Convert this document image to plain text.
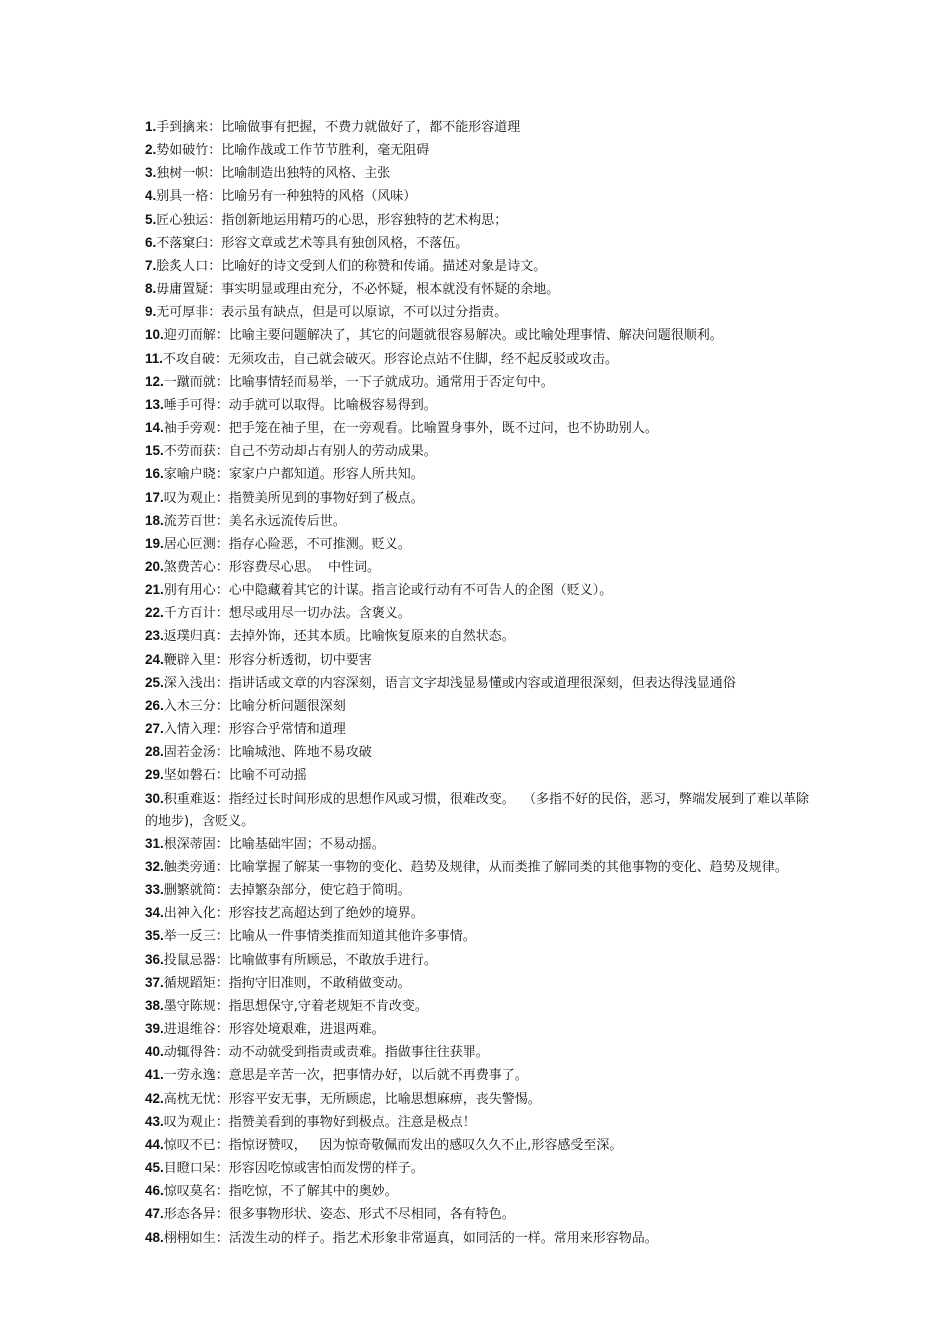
1.手到擒来：比喻做事有把握，不费力就做好了，都不能形容道理
2.势如破竹：比喻作战或工作节节胜利，毫无阻碍
3.独树一帜：比喻制造出独特的风格、主张
4.别具一格：比喻另有一种独特的风格（风味）
5.匠心独运：指创新地运用精巧的心思，形容独特的艺术构思；
6.不落窠臼：形容文章或艺术等具有独创风格，不落伍。
7.脍炙人口：比喻好的诗文受到人们的称赞和传诵。描述对象是诗文。
8.毋庸置疑：事实明显或理由充分，不必怀疑，根本就没有怀疑的余地。
9.无可厚非：表示虽有缺点，但是可以原谅，不可以过分指责。
10.迎刃而解：比喻主要问题解决了，其它的问题就很容易解决。或比喻处理事情、解决问题很顺利。
11.不攻自破：无须攻击，自己就会破灭。形容论点站不住脚，经不起反驳或攻击。
12.一蹴而就：比喻事情轻而易举，一下子就成功。通常用于否定句中。
13.唾手可得：动手就可以取得。比喻极容易得到。
14.袖手旁观：把手笼在袖子里，在一旁观看。比喻置身事外，既不过问，也不协助别人。
15.不劳而获：自己不劳动却占有别人的劳动成果。
16.家喻户晓：家家户户都知道。形容人所共知。
17.叹为观止：指赞美所见到的事物好到了极点。
18.流芳百世：美名永远流传后世。
19.居心叵测：指存心险恶，不可推测。贬义。
20.煞费苦心：形容费尽心思。  中性词。
21.别有用心：心中隐藏着其它的计谋。指言论或行动有不可告人的企图（贬义）。
22.千方百计：想尽或用尽一切办法。含褒义。
23.返璞归真：去掉外饰，还其本质。比喻恢复原来的自然状态。
24.鞭辟入里：形容分析透彻，切中要害
25.深入浅出：指讲话或文章的内容深刻，语言文字却浅显易懂或内容或道理很深刻，但表达得浅显通俗
26.入木三分：比喻分析问题很深刻
27.入情入理：形容合乎常情和道理
28.固若金汤：比喻城池、阵地不易攻破
29.坚如磐石：比喻不可动摇
30.积重难返：指经过长时间形成的思想作风或习惯，很难改变。  （多指不好的民俗，恶习，弊端发展到了难以革除的地步)，含贬义。
31.根深蒂固：比喻基础牢固；不易动摇。
32.触类旁通：比喻掌握了解某一事物的变化、趋势及规律，从而类推了解同类的其他事物的变化、趋势及规律。
33.删繁就简：去掉繁杂部分，使它趋于简明。
34.出神入化：形容技艺高超达到了绝妙的境界。
35.举一反三：比喻从一件事情类推而知道其他许多事情。
36.投鼠忌器：比喻做事有所顾忌，不敢放手进行。
37.循规蹈矩：指拘守旧准则，不敢稍做变动。
38.墨守陈规：指思想保守,守着老规矩不肯改变。
39.进退维谷：形容处境艰难，进退两难。
40.动辄得咎：动不动就受到指责或责难。指做事往往获罪。
41.一劳永逸：意思是辛苦一次，把事情办好，以后就不再费事了。
42.高枕无忧：形容平安无事，无所顾虑，比喻思想麻痹，丧失警惕。
43.叹为观止：指赞美看到的事物好到极点。注意是极点！
44.惊叹不已：指惊讶赞叹，   因为惊奇敬佩而发出的感叹久久不止,形容感受至深。
45.目瞪口呆：形容因吃惊或害怕而发愣的样子。
46.惊叹莫名：指吃惊，不了解其中的奥妙。
47.形态各异：很多事物形状、姿态、形式不尽相同，各有特色。
48.栩栩如生：活泼生动的样子。指艺术形象非常逼真，如同活的一样。常用来形容物品。
